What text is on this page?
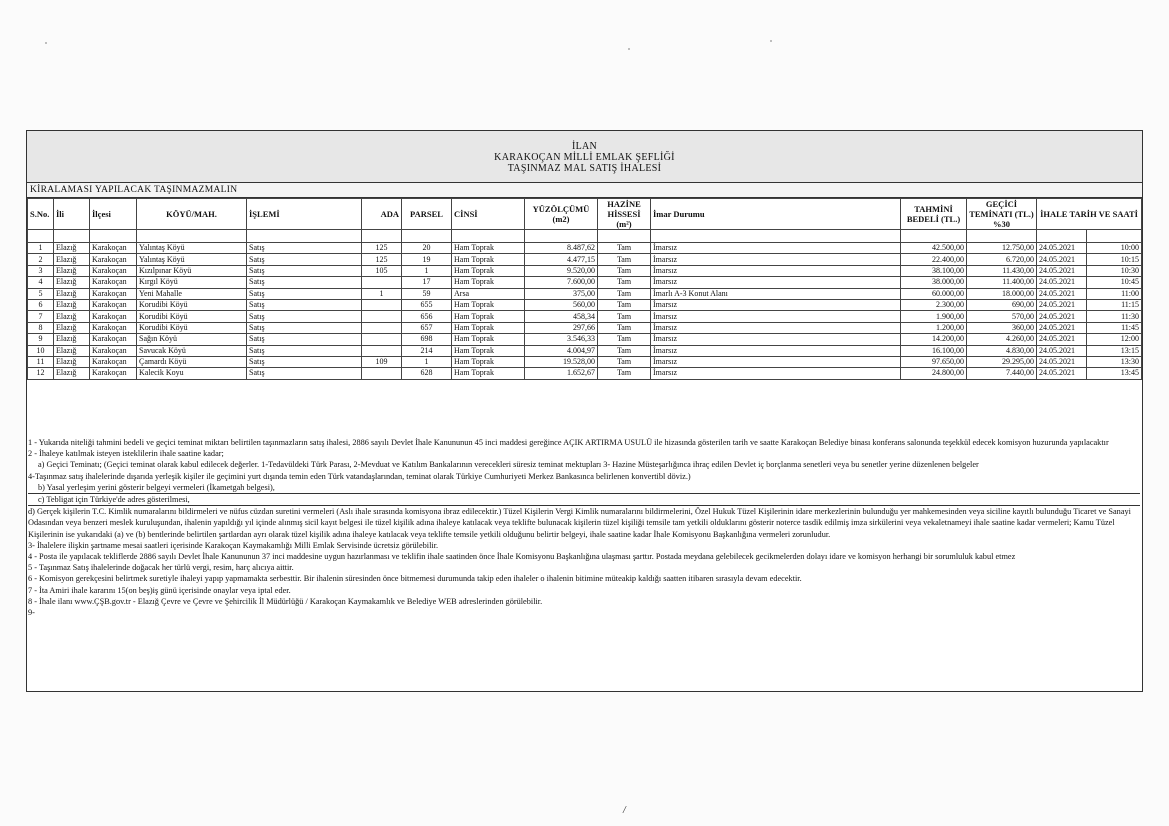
İLAN
KARAKOÇAN MİLLİ EMLAK ŞEFLİĞİ
TAŞINMAZ MAL SATIŞ İHALESİ
KİRALAMASI YAPILACAK TAŞINMAZMALIN
S.No.	İli	İlçesi	KÖYÜ/MAH.	İŞLEMİ	ADA	PARSEL	CİNSİ	YÜZÖLÇÜMÜ (m2)	HAZİNE HİSSESİ (m²)	İmar Durumu	TAHMİNİ BEDELİ (TL.)	GEÇİCİ TEMİNATI (TL.) %30	İHALE TARİH VE SAATİ	

1	Elazığ	Karakoçan	Yalıntaş Köyü	Satış	125	20	Ham Toprak	8.487,62	Tam	İmarsız	42.500,00	12.750,00	24.05.2021	10:00
2	Elazığ	Karakoçan	Yalıntaş Köyü	Satış	125	19	Ham Toprak	4.477,15	Tam	İmarsız	22.400,00	6.720,00	24.05.2021	10:15
3	Elazığ	Karakoçan	Kızılpınar Köyü	Satış	105	1	Ham Toprak	9.520,00	Tam	İmarsız	38.100,00	11.430,00	24.05.2021	10:30
4	Elazığ	Karakoçan	Kırgıl Köyü	Satış		17	Ham Toprak	7.600,00	Tam	İmarsız	38.000,00	11.400,00	24.05.2021	10:45
5	Elazığ	Karakoçan	Yeni Mahalle	Satış	1	59	Arsa	375,00	Tam	İmarlı A-3 Konut Alanı	60.000,00	18.000,00	24.05.2021	11:00
6	Elazığ	Karakoçan	Korudibi Köyü	Satış		655	Ham Toprak	560,00	Tam	İmarsız	2.300,00	690,00	24.05.2021	11:15
7	Elazığ	Karakoçan	Korudibi Köyü	Satış		656	Ham Toprak	458,34	Tam	İmarsız	1.900,00	570,00	24.05.2021	11:30
8	Elazığ	Karakoçan	Korudibi Köyü	Satış		657	Ham Toprak	297,66	Tam	İmarsız	1.200,00	360,00	24.05.2021	11:45
9	Elazığ	Karakoçan	Sağın Köyü	Satış		698	Ham Toprak	3.546,33	Tam	İmarsız	14.200,00	4.260,00	24.05.2021	12:00
10	Elazığ	Karakoçan	Savucak Köyü	Satış		214	Ham Toprak	4.004,97	Tam	İmarsız	16.100,00	4.830,00	24.05.2021	13:15
11	Elazığ	Karakoçan	Çamardı Köyü	Satış	109	1	Ham Toprak	19.528,00	Tam	İmarsız	97.650,00	29.295,00	24.05.2021	13:30
12	Elazığ	Karakoçan	Kalecik Koyu	Satış		628	Ham Toprak	1.652,67	Tam	İmarsız	24.800,00	7.440,00	24.05.2021	13:45
1 - Yukarıda niteliği tahmini bedeli ve geçici teminat miktarı belirtilen taşınmazların satış ihalesi, 2886 sayılı Devlet İhale Kanununun 45 inci maddesi gereğince AÇIK ARTIRMA USULÜ ile hizasında gösterilen tarih ve saatte Karakoçan Belediye binası konferans salonunda teşekkül edecek komisyon huzurunda yapılacaktır
2 - İhaleye katılmak isteyen isteklilerin ihale saatine kadar;
a) Geçici Teminatı; (Geçici teminat olarak kabul edilecek değerler. 1-Tedavüldeki Türk Parası, 2-Mevduat ve Katılım Bankalarının verecekleri süresiz teminat mektupları 3- Hazine Müsteşarlığınca ihraç edilen Devlet iç borçlanma senetleri veya bu senetler yerine düzenlenen belgeler
4-Taşınmaz satış ihalelerinde dışarıda yerleşik kişiler ile geçimini yurt dışında temin eden Türk vatandaşlarından, teminat olarak Türkiye Cumhuriyeti Merkez Bankasınca belirlenen konvertibl döviz.)
b) Yasal yerleşim yerini gösterir belgeyi vermeleri (İkametgah belgesi),
c) Tebligat için Türkiye'de adres gösterilmesi,
d) Gerçek kişilerin T.C. Kimlik numaralarını bildirmeleri ve nüfus cüzdan suretini vermeleri (Aslı ihale sırasında komisyona ibraz edilecektir.) Tüzel Kişilerin Vergi Kimlik numaralarını bildirmelerini, Özel Hukuk Tüzel Kişilerinin idare merkezlerinin bulunduğu yer mahkemesinden veya siciline kayıtlı bulunduğu Ticaret ve Sanayi Odasından veya benzeri meslek kuruluşundan, ihalenin yapıldığı yıl içinde alınmış sicil kayıt belgesi ile tüzel kişilik adına ihaleye katılacak veya teklifte bulunacak kişilerin tüzel kişiliği temsile tam yetkili olduklarını gösterir noterce tasdik edilmiş imza sirkülerini veya vekaletnameyi ihale saatine kadar vermeleri; Kamu Tüzel Kişilerinin ise yukarıdaki (a) ve (b) bentlerinde belirtilen şartlardan ayrı olarak tüzel kişilik adına ihaleye katılacak veya teklifte temsile yetkili olduğunu belirtir belgeyi, ihale saatine kadar İhale Komisyonu Başkanlığına vermeleri zorunludur.
3- İhalelere ilişkin şartname mesai saatleri içerisinde Karakoçan Kaymakamlığı Milli Emlak Servisinde ücretsiz görülebilir.
4 - Posta ile yapılacak tekliflerde 2886 sayılı Devlet İhale Kanununun 37 inci maddesine uygun hazırlanması ve teklifin ihale saatinden önce İhale Komisyonu Başkanlığına ulaşması şarttır. Postada meydana gelebilecek gecikmelerden dolayı idare ve komisyon herhangi bir sorumluluk kabul etmez
5 - Taşınmaz Satış ihalelerinde doğacak her türlü vergi, resim, harç alıcıya aittir.
6 - Komisyon gerekçesini belirtmek suretiyle ihaleyi yapıp yapmamakta serbesttir. Bir ihalenin süresinden önce bitmemesi durumunda takip eden ihaleler o ihalenin bitimine müteakip kaldığı saatten itibaren sırasıyla devam edecektir.
7 - İta Amiri ihale kararını 15(on beş)iş günü içerisinde onaylar veya iptal eder.
8 - İhale ilanı www.ÇŞB.gov.tr - Elazığ Çevre ve Çevre ve Şehircilik İl Müdürlüğü / Karakoçan Kaymakamlık ve Belediye WEB adreslerinden görülebilir.
9-
/
